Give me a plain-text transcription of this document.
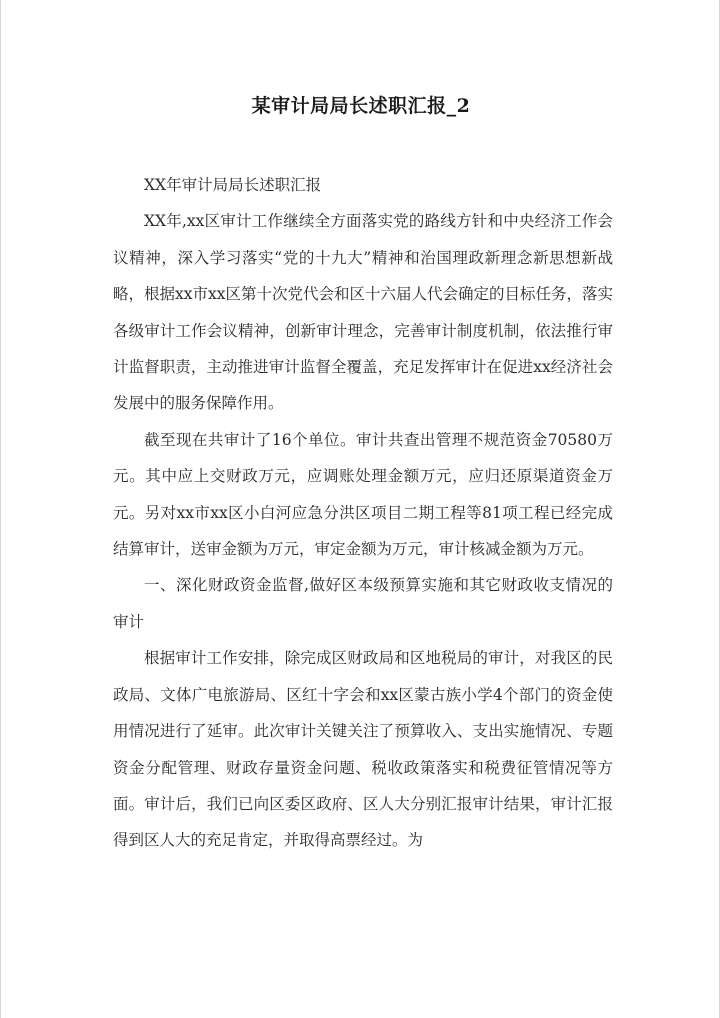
某审计局局长述职汇报_2

XX年审计局局长述职汇报

XX年,xx区审计工作继续全方面落实党的路线方针和中央经济工作会议精神，深入学习落实“党的十九大”精神和治国理政新理念新思想新战略，根据xx市xx区第十次党代会和区十六届人代会确定的目标任务，落实各级审计工作会议精神，创新审计理念，完善审计制度机制，依法推行审计监督职责，主动推进审计监督全覆盖，充足发挥审计在促进xx经济社会发展中的服务保障作用。

截至现在共审计了16个单位。审计共查出管理不规范资金70580万元。其中应上交财政万元，应调账处理金额万元，应归还原渠道资金万元。另对xx市xx区小白河应急分洪区项目二期工程等81项工程已经完成结算审计，送审金额为万元，审定金额为万元，审计核减金额为万元。

一、深化财政资金监督,做好区本级预算实施和其它财政收支情况的审计

根据审计工作安排，除完成区财政局和区地税局的审计，对我区的民政局、文体广电旅游局、区红十字会和xx区蒙古族小学4个部门的资金使用情况进行了延审。此次审计关键关注了预算收入、支出实施情况、专题资金分配管理、财政存量资金问题、税收政策落实和税费征管情况等方面。审计后，我们已向区委区政府、区人大分别汇报审计结果，审计汇报得到区人大的充足肯定，并取得高票经过。为
